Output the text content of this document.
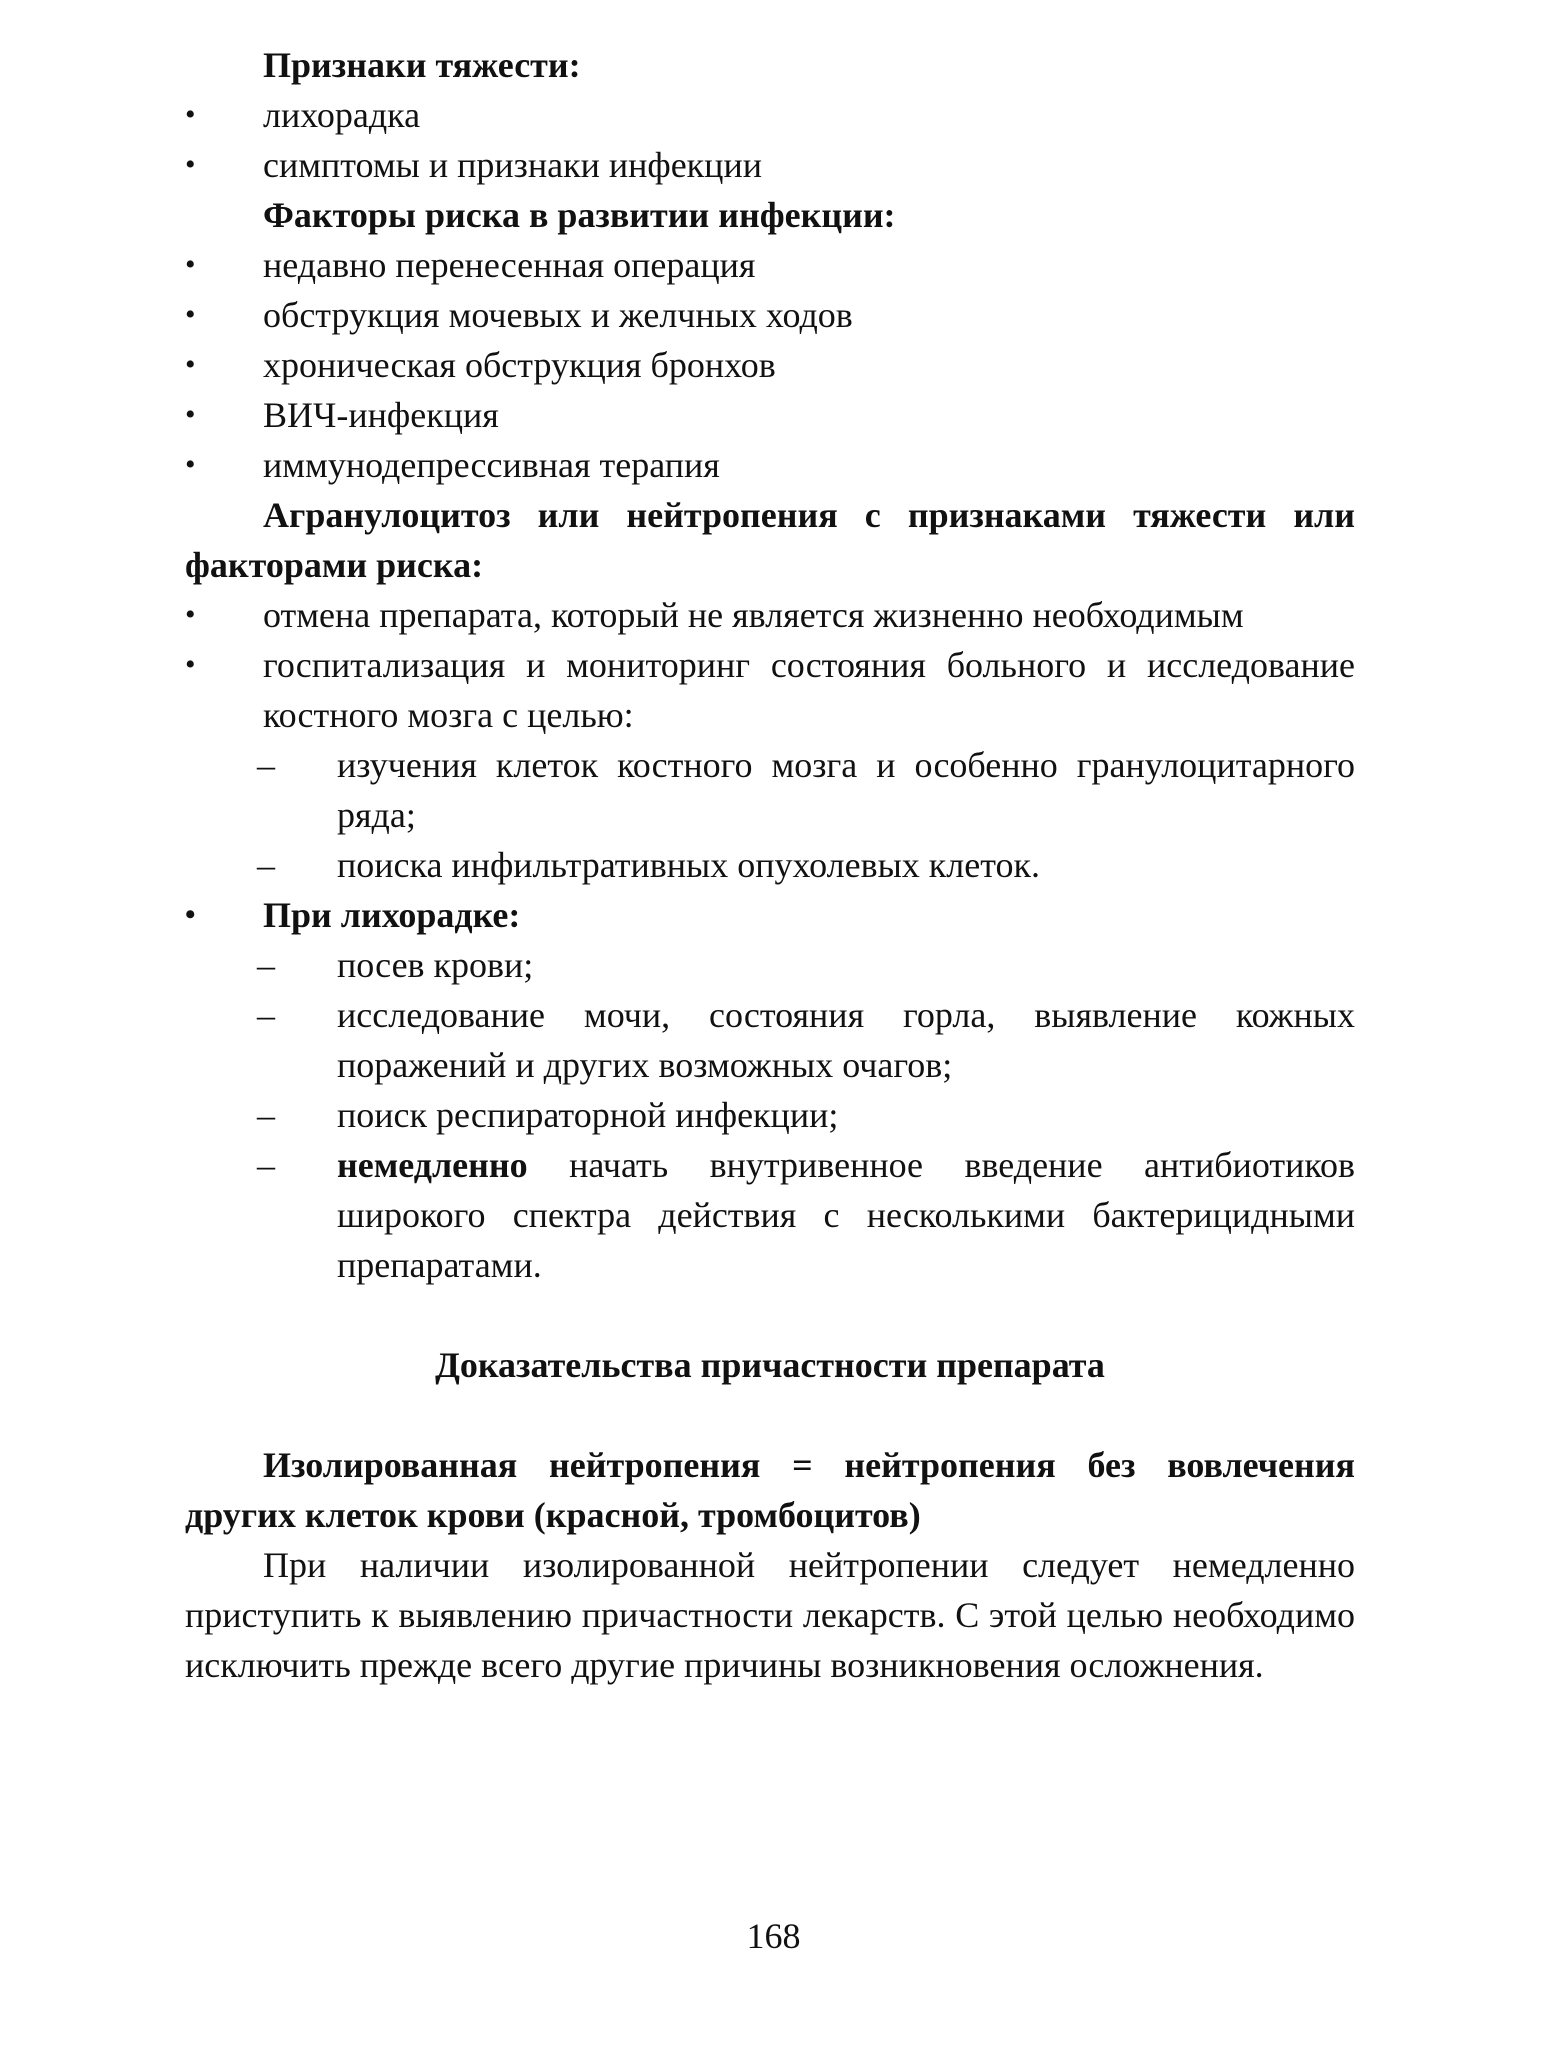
Признаки тяжести:

• лихорадка

• симптомы и признаки инфекции

Факторы риска в развитии инфекции:

• недавно перенесенная операция

• обструкция мочевых и желчных ходов

• хроническая обструкция бронхов

• ВИЧ-инфекция

• иммунодепрессивная терапия

Агранулоцитоз или нейтропения с признаками тяжести или факторами риска:

• отмена препарата, который не является жизненно необходимым

• госпитализация и мониторинг состояния больного и исследование костного мозга с целью:

– изучения клеток костного мозга и особенно гранулоцитарного ряда;

– поиска инфильтративных опухолевых клеток.

• При лихорадке:

– посев крови;

– исследование мочи, состояния горла, выявление кожных поражений и других возможных очагов;

– поиск респираторной инфекции;

– немедленно начать внутривенное введение антибиотиков широкого спектра действия с несколькими бактерицидными препаратами.

Доказательства причастности препарата

Изолированная нейтропения = нейтропения без вовлечения других клеток крови (красной, тромбоцитов)

При наличии изолированной нейтропении следует немедленно приступить к выявлению причастности лекарств. С этой целью необходимо исключить прежде всего другие причины возникновения осложнения.

168
